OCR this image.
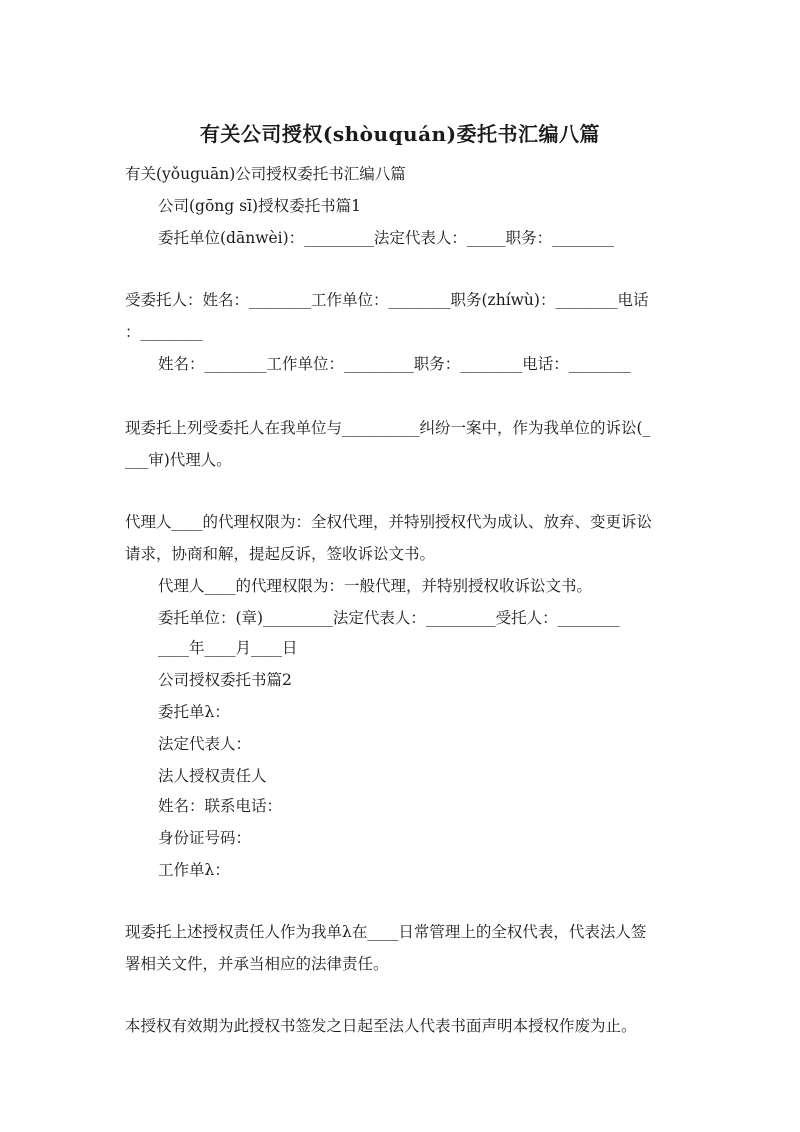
有关公司授权(shòuquán)委托书汇编八篇
有关(yǒuguān)公司授权委托书汇编八篇
公司(gōng sī)授权委托书篇1
委托单位(dānwèi)：_________法定代表人：_____职务：________
受委托人：姓名：________工作单位：________职务(zhíwù)：________电话
：________
姓名：________工作单位：_________职务：________电话：________
现委托上列受委托人在我单位与__________纠纷一案中，作为我单位的诉讼(_
___审)代理人。
代理人____的代理权限为：全权代理，并特别授权代为成认、放弃、变更诉讼
请求，协商和解，提起反诉，签收诉讼文书。
代理人____的代理权限为：一般代理，并特别授权收诉讼文书。
委托单位：(章)_________法定代表人：_________受托人：________
____年____月____日
公司授权委托书篇2
委托单λ：
法定代表人：
法人授权责任人
姓名：联系电话：
身份证号码：
工作单λ：
现委托上述授权责任人作为我单λ在____日常管理上的全权代表，代表法人签
署相关文件，并承当相应的法律责任。
本授权有效期为此授权书签发之日起至法人代表书面声明本授权作废为止。
